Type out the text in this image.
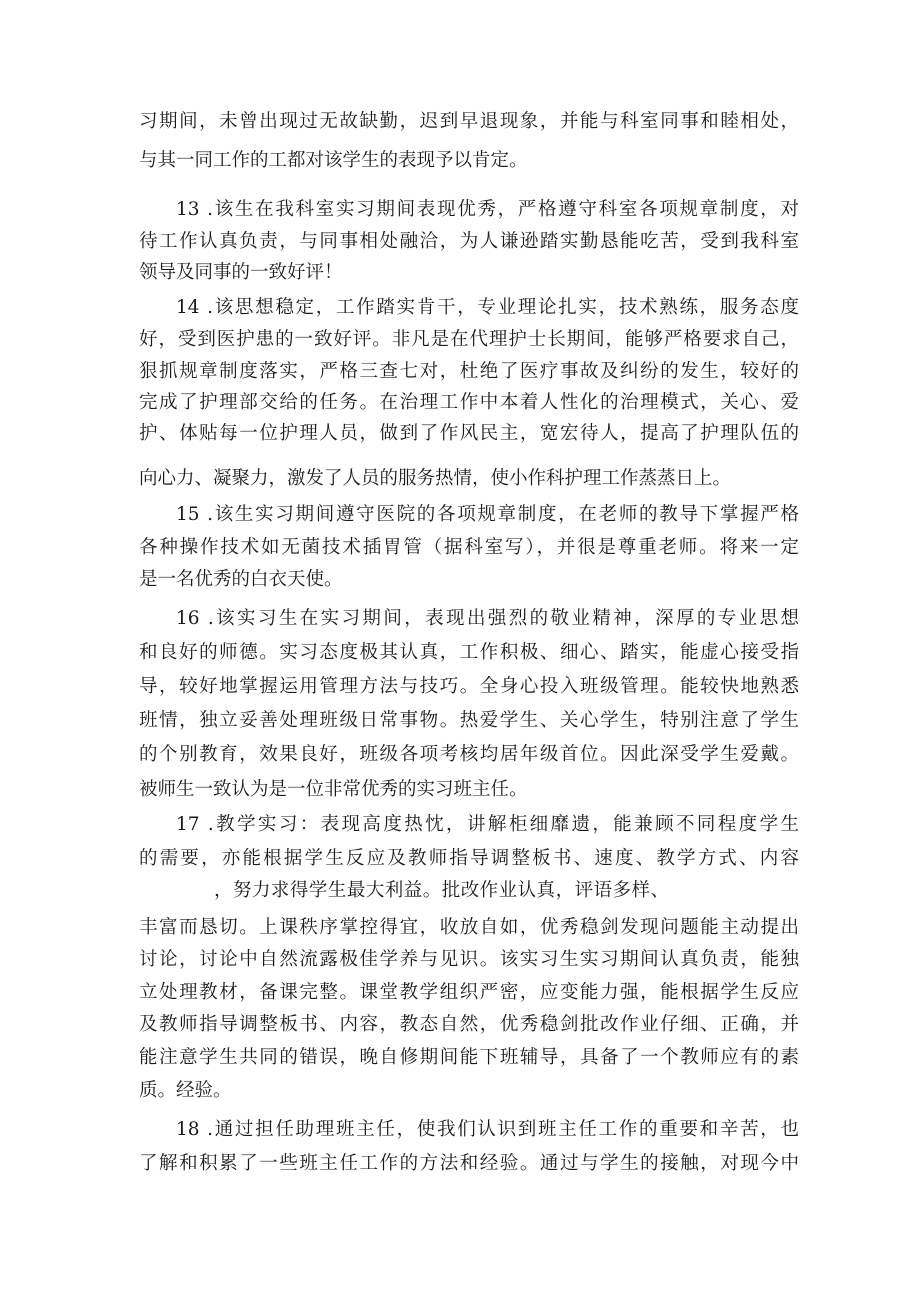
习期间，未曾出现过无故缺勤，迟到早退现象，并能与科室同事和睦相处，
与其一同工作的工都对该学生的表现予以肯定。
13 .该生在我科室实习期间表现优秀，严格遵守科室各项规章制度，对
待工作认真负责，与同事相处融洽，为人谦逊踏实勤恳能吃苦，受到我科室
领导及同事的一致好评！
14 .该思想稳定，工作踏实肯干，专业理论扎实，技术熟练，服务态度
好，受到医护患的一致好评。非凡是在代理护士长期间，能够严格要求自己，
狠抓规章制度落实，严格三查七对，杜绝了医疗事故及纠纷的发生，较好的
完成了护理部交给的任务。在治理工作中本着人性化的治理模式，关心、爱
护、体贴每一位护理人员，做到了作风民主，宽宏待人，提高了护理队伍的
向心力、凝聚力，激发了人员的服务热情，使小作科护理工作蒸蒸日上。
15 .该生实习期间遵守医院的各项规章制度，在老师的教导下掌握严格
各种操作技术如无菌技术插胃管（据科室写），并很是尊重老师。将来一定
是一名优秀的白衣天使。
16 .该实习生在实习期间，表现出强烈的敬业精神，深厚的专业思想
和良好的师德。实习态度极其认真，工作积极、细心、踏实，能虚心接受指
导，较好地掌握运用管理方法与技巧。全身心投入班级管理。能较快地熟悉
班情，独立妥善处理班级日常事物。热爱学生、关心学生，特别注意了学生
的个别教育，效果良好，班级各项考核均居年级首位。因此深受学生爱戴。
被师生一致认为是一位非常优秀的实习班主任。
17 .教学实习：表现高度热忱，讲解柜细靡遗，能兼顾不同程度学生
的需要，亦能根据学生反应及教师指导调整板书、速度、教学方式、内容
，努力求得学生最大利益。批改作业认真，评语多样、
丰富而恳切。上课秩序掌控得宜，收放自如，优秀稳剑发现问题能主动提出
讨论，讨论中自然流露极佳学养与见识。该实习生实习期间认真负责，能独
立处理教材，备课完整。课堂教学组织严密，应变能力强，能根据学生反应
及教师指导调整板书、内容，教态自然，优秀稳剑批改作业仔细、正确，并
能注意学生共同的错误，晚自修期间能下班辅导，具备了一个教师应有的素
质。经验。
18 .通过担任助理班主任，使我们认识到班主任工作的重要和辛苦，也
了解和积累了一些班主任工作的方法和经验。通过与学生的接触，对现今中
